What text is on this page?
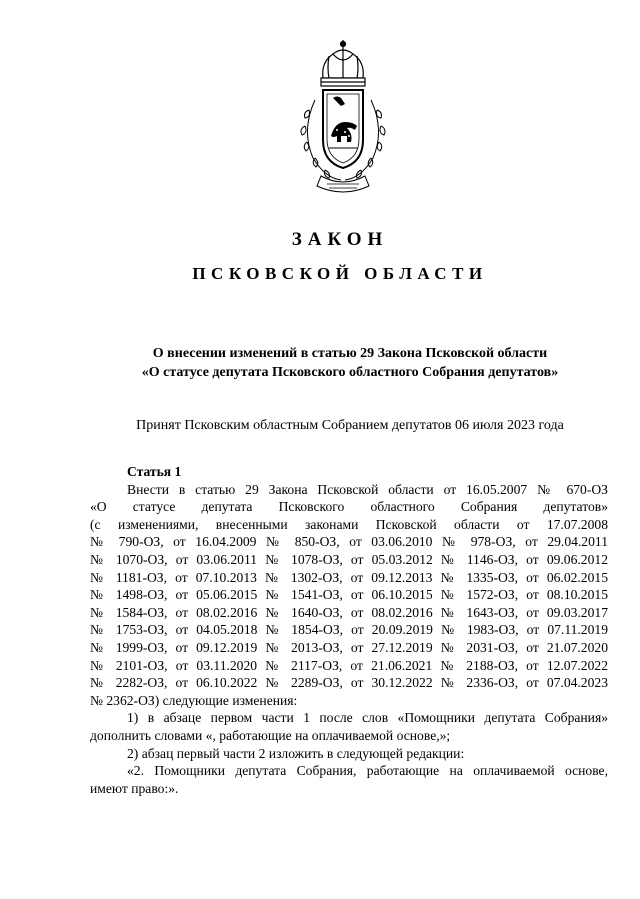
ЗАКОН
ПСКОВСКОЙ ОБЛАСТИ
О внесении изменений в статью 29 Закона Псковской области
«О статусе депутата Псковского областного Собрания депутатов»
Принят Псковским областным Собранием депутатов 06 июля 2023 года
Статья 1
Внести в статью 29 Закона Псковской области от 16.05.2007 № 670-ОЗ
«О статусе депутата Псковского областного Собрания депутатов»
(с изменениями, внесенными законами Псковской области от 17.07.2008
№ 790-ОЗ, от 16.04.2009 № 850-ОЗ, от 03.06.2010 № 978-ОЗ, от 29.04.2011
№ 1070-ОЗ, от 03.06.2011 № 1078-ОЗ, от 05.03.2012 № 1146-ОЗ, от 09.06.2012
№ 1181-ОЗ, от 07.10.2013 № 1302-ОЗ, от 09.12.2013 № 1335-ОЗ, от 06.02.2015
№ 1498-ОЗ, от 05.06.2015 № 1541-ОЗ, от 06.10.2015 № 1572-ОЗ, от 08.10.2015
№ 1584-ОЗ, от 08.02.2016 № 1640-ОЗ, от 08.02.2016 № 1643-ОЗ, от 09.03.2017
№ 1753-ОЗ, от 04.05.2018 № 1854-ОЗ, от 20.09.2019 № 1983-ОЗ, от 07.11.2019
№ 1999-ОЗ, от 09.12.2019 № 2013-ОЗ, от 27.12.2019 № 2031-ОЗ, от 21.07.2020
№ 2101-ОЗ, от 03.11.2020 № 2117-ОЗ, от 21.06.2021 № 2188-ОЗ, от 12.07.2022
№ 2282-ОЗ, от 06.10.2022 № 2289-ОЗ, от 30.12.2022 № 2336-ОЗ, от 07.04.2023
№ 2362-ОЗ) следующие изменения:
1) в абзаце первом части 1 после слов «Помощники депутата Собрания»
дополнить словами «, работающие на оплачиваемой основе,»;
2) абзац первый части 2 изложить в следующей редакции:
«2. Помощники депутата Собрания, работающие на оплачиваемой основе,
имеют право:».
